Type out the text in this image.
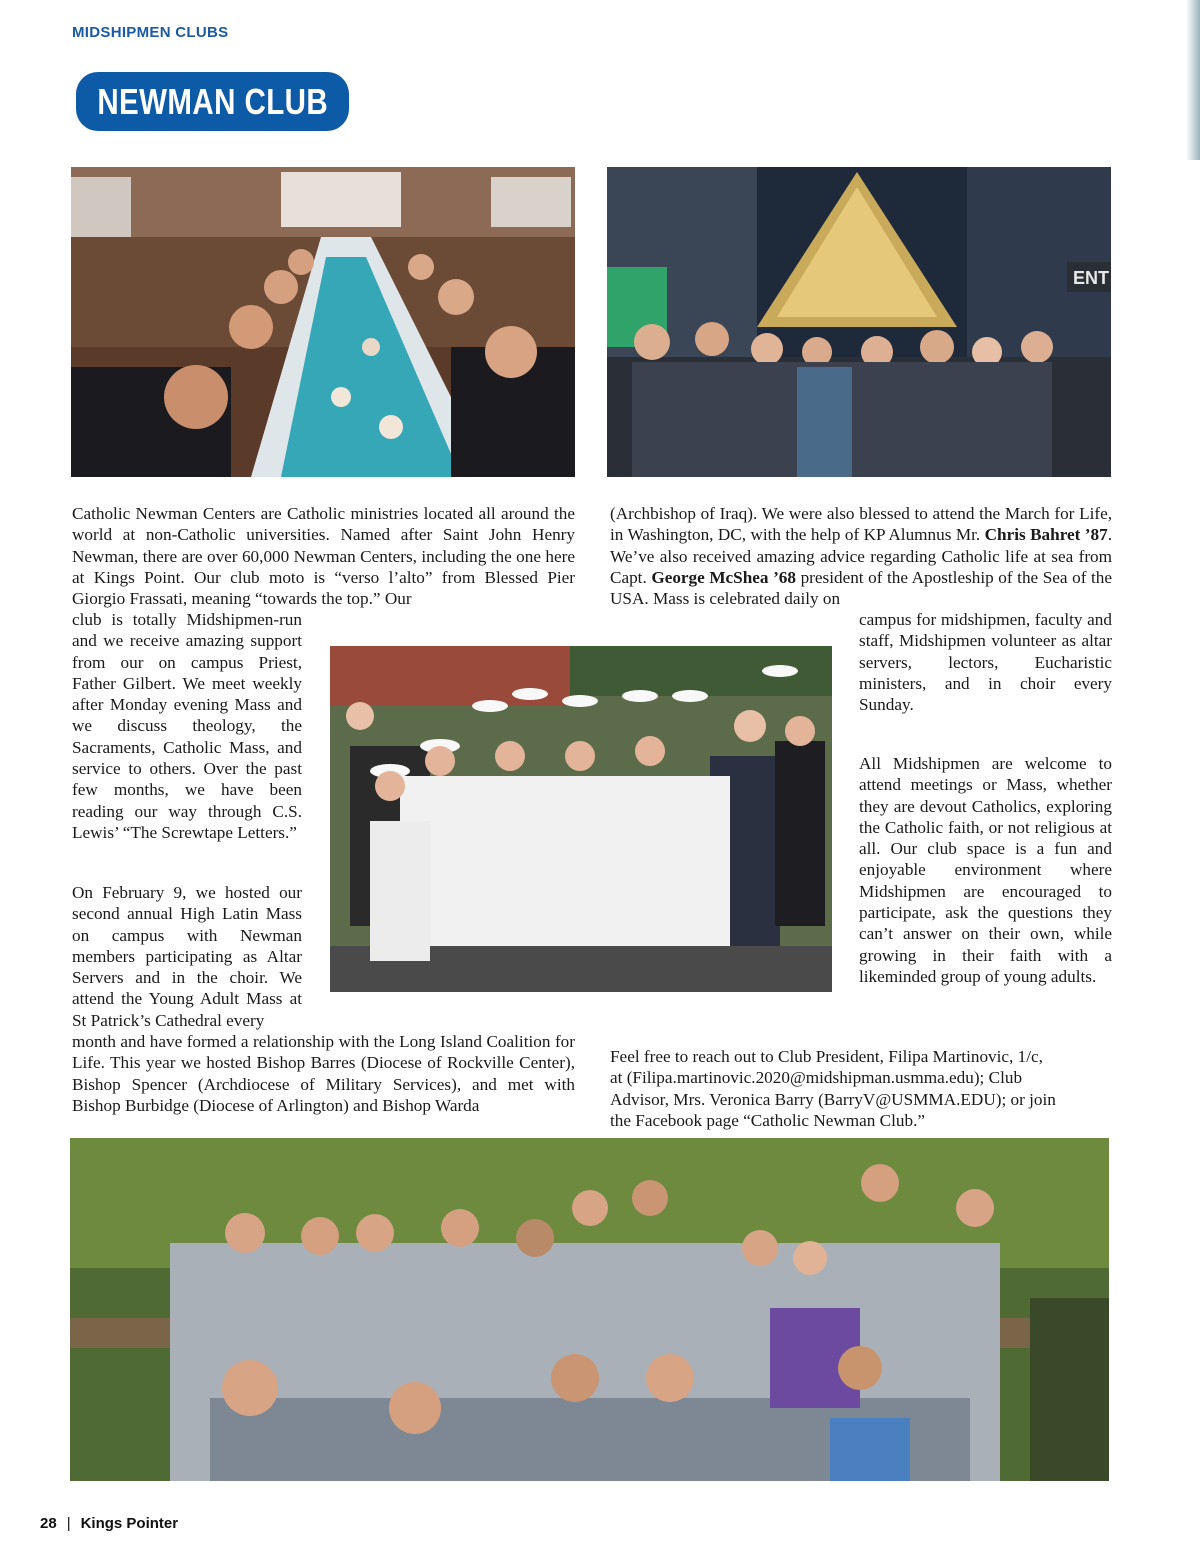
MIDSHIPMEN CLUBS
NEWMAN CLUB
ENT

Catholic Newman Centers are Catholic ministries located all around the world at non-Catholic universities. Named after Saint John Henry Newman, there are over 60,000 Newman Centers, including the one here at Kings Point. Our club moto is “verso l’alto” from Blessed Pier Giorgio Frassati, meaning “towards the top.” Our

club is totally Midshipmen-run and we receive amazing support from our on campus Priest, Father Gilbert. We meet weekly after Monday evening Mass and we discuss theology, the Sacraments, Catholic Mass, and service to others. Over the past few months, we have been reading our way through C.S. Lewis’ “The Screwtape Letters.”

On February 9, we hosted our second annual High Latin Mass on campus with Newman members participating as Altar Servers and in the choir. We attend the Young Adult Mass at St Patrick’s Cathedral every

month and have formed a relationship with the Long Island Coalition for Life. This year we hosted Bishop Barres (Diocese of Rockville Center), Bishop Spencer (Archdiocese of Military Services), and met with Bishop Burbidge (Diocese of Arlington) and Bishop Warda

(Archbishop of Iraq). We were also blessed to attend the March for Life, in Washington, DC, with the help of KP Alumnus Mr. Chris Bahret ’87. We’ve also received amazing advice regarding Catholic life at sea from Capt. George McShea ’68 president of the Apostleship of the Sea of the USA. Mass is celebrated daily on

campus for midshipmen, faculty and staff, Midshipmen volunteer as altar servers, lectors, Eucharistic ministers, and in choir every Sunday.

All Midshipmen are welcome to attend meetings or Mass, whether they are devout Catholics, exploring the Catholic faith, or not religious at all. Our club space is a fun and enjoyable environment where Midshipmen are encouraged to participate, ask the questions they can’t answer on their own, while growing in their faith with a likeminded group of young adults.

Feel free to reach out to Club President, Filipa Martinovic, 1/c,
at (Filipa.martinovic.2020@midshipman.usmma.edu); Club
Advisor, Mrs. Veronica Barry (BarryV@USMMA.EDU); or join
the Facebook page “Catholic Newman Club.”
28 | Kings Pointer
